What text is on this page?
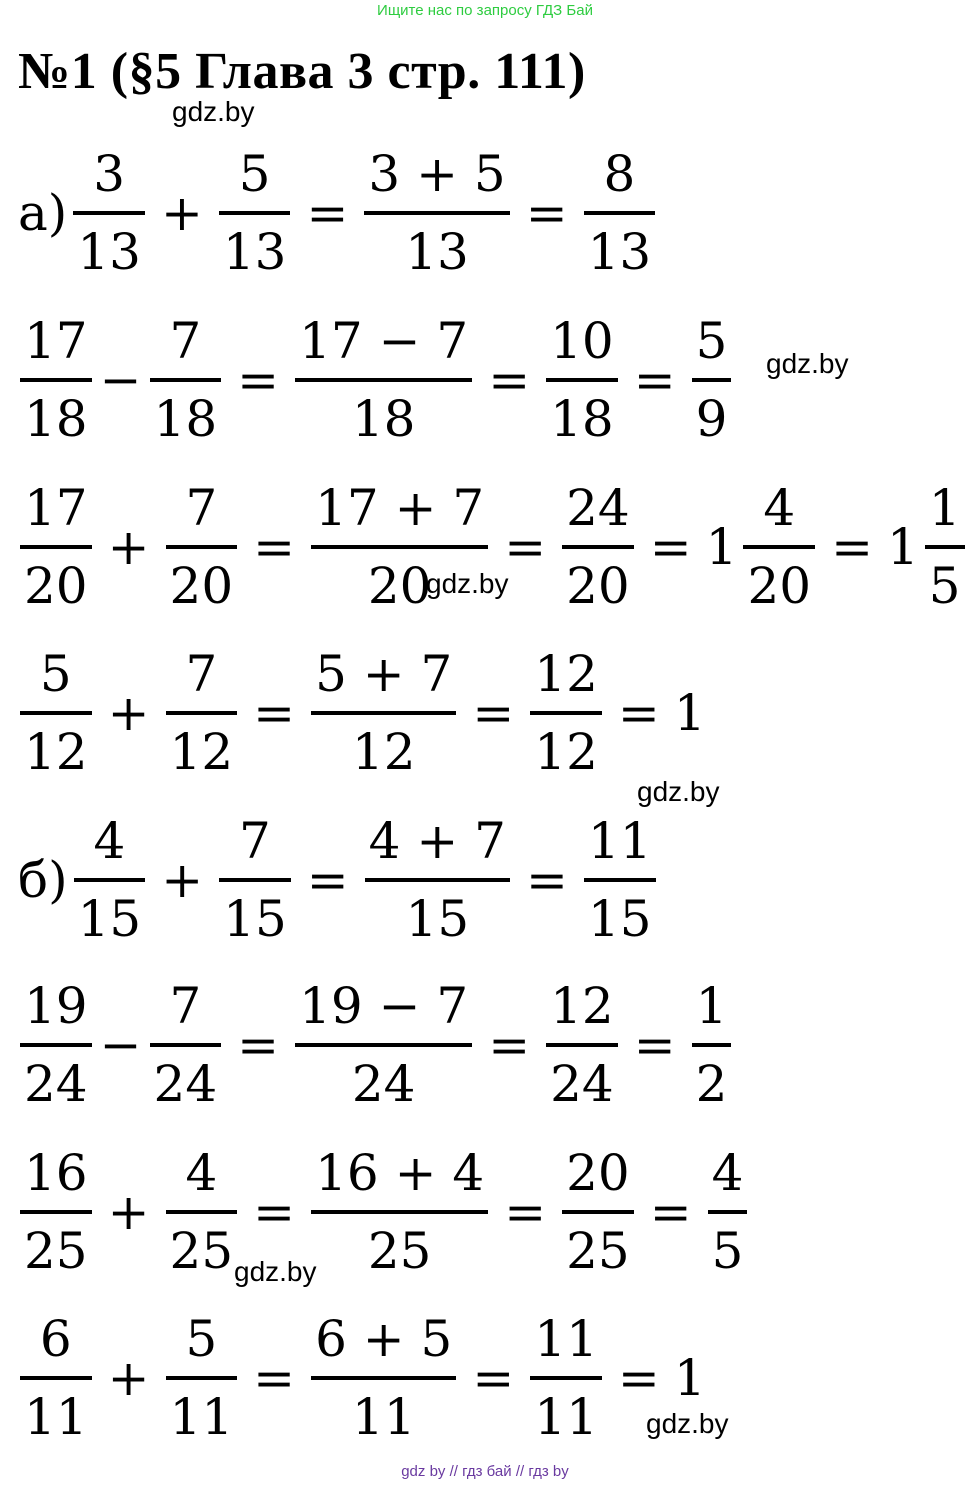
Ищите нас по запросу ГДЗ Бай
№1 (§5 Глава 3 стр. 111)
gdz.by
gdz.by
gdz.by
gdz.by
gdz.by
gdz.by
$а) \frac{3}{13} + \frac{5}{13} = \frac{3 + 5}{13} = \frac{8}{13}$
$\frac{17}{18} - \frac{7}{18} = \frac{17 - 7}{18} = \frac{10}{18} = \frac{5}{9}$
$\frac{17}{20} + \frac{7}{20} = \frac{17 + 7}{20} = \frac{24}{20} = 1 \frac{4}{20} = 1 \frac{1}{5}$
$\frac{5}{12} + \frac{7}{12} = \frac{5 + 7}{12} = \frac{12}{12} = 1$
$б) \frac{4}{15} + \frac{7}{15} = \frac{4 + 7}{15} = \frac{11}{15}$
$\frac{19}{24} - \frac{7}{24} = \frac{19 - 7}{24} = \frac{12}{24} = \frac{1}{2}$
$\frac{16}{25} + \frac{4}{25} = \frac{16 + 4}{25} = \frac{20}{25} = \frac{4}{5}$
$\frac{6}{11} + \frac{5}{11} = \frac{6 + 5}{11} = \frac{11}{11} = 1$
gdz by // гдз бай // гдз by
